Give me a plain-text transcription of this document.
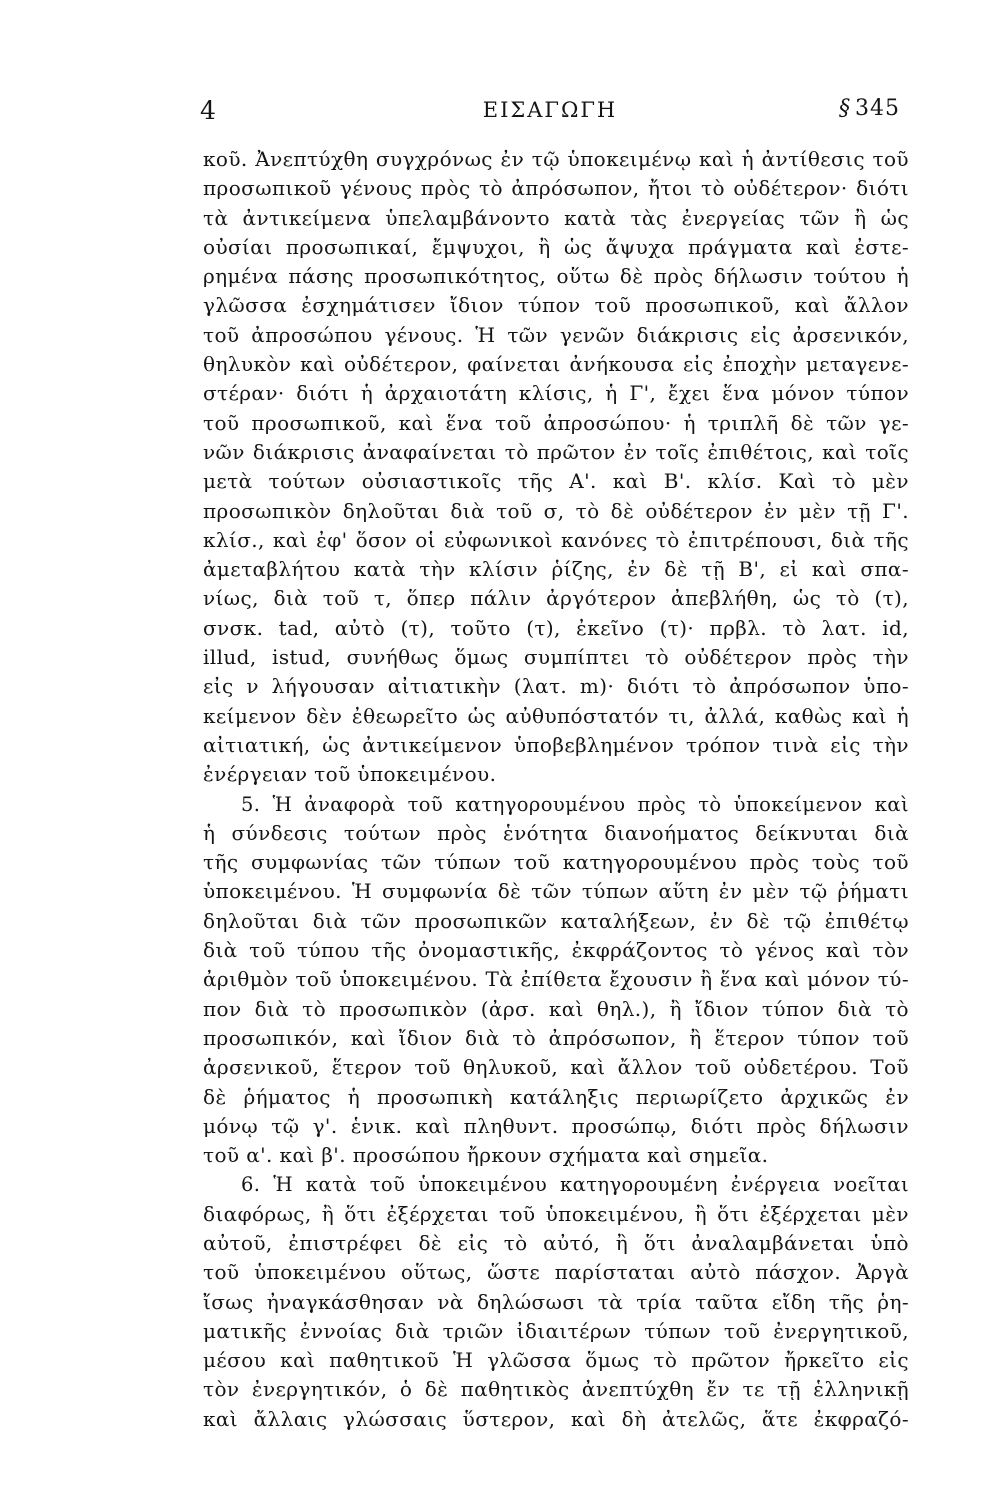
4	ΕΙΣΑΓΩΓΗ	§ 345
κοῦ. Ἀνεπτύχθη συγχρόνως ἐν τῷ ὑποκειμένῳ καὶ ἡ ἀντίθεσις τοῦ
προσωπικοῦ γένους πρὸς τὸ ἀπρόσωπον, ἤτοι τὸ οὐδέτερον· διότι
τὰ ἀντικείμενα ὑπελαμβάνοντο κατὰ τὰς ἐνεργείας τῶν ἢ ὡς
οὐσίαι προσωπικαί, ἔμψυχοι, ἢ ὡς ἄψυχα πράγματα καὶ ἐστε-
ρημένα πάσης προσωπικότητος, οὕτω δὲ πρὸς δήλωσιν τούτου ἡ
γλῶσσα ἐσχημάτισεν ἴδιον τύπον τοῦ προσωπικοῦ, καὶ ἄλλον
τοῦ ἀπροσώπου γένους. Ἡ τῶν γενῶν διάκρισις εἰς ἀρσενικόν,
θηλυκὸν καὶ οὐδέτερον, φαίνεται ἀνήκουσα εἰς ἐποχὴν μεταγενε-
στέραν· διότι ἡ ἀρχαιοτάτη κλίσις, ἡ Γ', ἔχει ἕνα μόνον τύπον
τοῦ προσωπικοῦ, καὶ ἕνα τοῦ ἀπροσώπου· ἡ τριπλῆ δὲ τῶν γε-
νῶν διάκρισις ἀναφαίνεται τὸ πρῶτον ἐν τοῖς ἐπιθέτοις, καὶ τοῖς
μετὰ τούτων οὐσιαστικοῖς τῆς Α'. καὶ Β'. κλίσ. Καὶ τὸ μὲν
προσωπικὸν δηλοῦται διὰ τοῦ σ, τὸ δὲ οὐδέτερον ἐν μὲν τῇ Γ'.
κλίσ., καὶ ἐφ' ὅσον οἱ εὐφωνικοὶ κανόνες τὸ ἐπιτρέπουσι, διὰ τῆς
ἀμεταβλήτου κατὰ τὴν κλίσιν ῥίζης, ἐν δὲ τῇ Β', εἰ καὶ σπα-
νίως, διὰ τοῦ τ, ὅπερ πάλιν ἀργότερον ἀπεβλήθη, ὡς τὸ (τ),
σνσκ. tad, αὐτὸ (τ), τοῦτο (τ), ἐκεῖνο (τ)· πρβλ. τὸ λατ. id,
illud, istud, συνήθως ὅμως συμπίπτει τὸ οὐδέτερον πρὸς τὴν
εἰς ν λήγουσαν αἰτιατικὴν (λατ. m)· διότι τὸ ἀπρόσωπον ὑπο-
κείμενον δὲν ἐθεωρεῖτο ὡς αὐθυπόστατόν τι, ἀλλά, καθὼς καὶ ἡ
αἰτιατική, ὡς ἀντικείμενον ὑποβεβλημένον τρόπον τινὰ εἰς τὴν
ἐνέργειαν τοῦ ὑποκειμένου.
5. Ἡ ἀναφορὰ τοῦ κατηγορουμένου πρὸς τὸ ὑποκείμενον καὶ
ἡ σύνδεσις τούτων πρὸς ἑνότητα διανοήματος δείκνυται διὰ
τῆς συμφωνίας τῶν τύπων τοῦ κατηγορουμένου πρὸς τοὺς τοῦ
ὑποκειμένου. Ἡ συμφωνία δὲ τῶν τύπων αὕτη ἐν μὲν τῷ ῥήματι
δηλοῦται διὰ τῶν προσωπικῶν καταλήξεων, ἐν δὲ τῷ ἐπιθέτῳ
διὰ τοῦ τύπου τῆς ὀνομαστικῆς, ἐκφράζοντος τὸ γένος καὶ τὸν
ἀριθμὸν τοῦ ὑποκειμένου. Τὰ ἐπίθετα ἔχουσιν ἢ ἕνα καὶ μόνον τύ-
πον διὰ τὸ προσωπικὸν (ἀρσ. καὶ θηλ.), ἢ ἴδιον τύπον διὰ τὸ
προσωπικόν, καὶ ἴδιον διὰ τὸ ἀπρόσωπον, ἢ ἕτερον τύπον τοῦ
ἀρσενικοῦ, ἕτερον τοῦ θηλυκοῦ, καὶ ἄλλον τοῦ οὐδετέρου. Τοῦ
δὲ ῥήματος ἡ προσωπικὴ κατάληξις περιωρίζετο ἀρχικῶς ἐν
μόνῳ τῷ γ'. ἑνικ. καὶ πληθυντ. προσώπῳ, διότι πρὸς δήλωσιν
τοῦ α'. καὶ β'. προσώπου ἤρκουν σχήματα καὶ σημεῖα.
6. Ἡ κατὰ τοῦ ὑποκειμένου κατηγορουμένη ἐνέργεια νοεῖται
διαφόρως, ἢ ὅτι ἐξέρχεται τοῦ ὑποκειμένου, ἢ ὅτι ἐξέρχεται μὲν
αὐτοῦ, ἐπιστρέφει δὲ εἰς τὸ αὐτό, ἢ ὅτι ἀναλαμβάνεται ὑπὸ
τοῦ ὑποκειμένου οὕτως, ὥστε παρίσταται αὐτὸ πάσχον. Ἀργὰ
ἴσως ἠναγκάσθησαν νὰ δηλώσωσι τὰ τρία ταῦτα εἴδη τῆς ῥη-
ματικῆς ἐννοίας διὰ τριῶν ἰδιαιτέρων τύπων τοῦ ἐνεργητικοῦ,
μέσου καὶ παθητικοῦ Ἡ γλῶσσα ὅμως τὸ πρῶτον ἤρκεῖτο εἰς
τὸν ἐνεργητικόν, ὁ δὲ παθητικὸς ἀνεπτύχθη ἔν τε τῇ ἑλληνικῇ
καὶ ἄλλαις γλώσσαις ὕστερον, καὶ δὴ ἀτελῶς, ἅτε ἐκφραζό-
